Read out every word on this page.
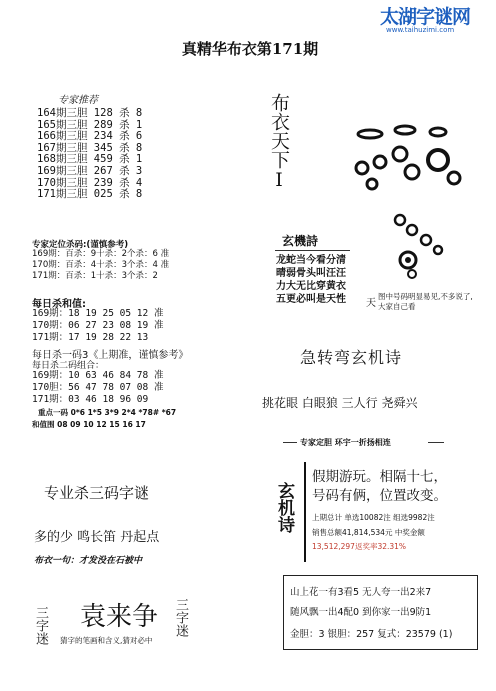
太湖字谜网
www.taihuzimi.com
真精华布衣第171期
专家推荐
164期三胆 128 杀 8
165期三胆 289 杀 1
166期三胆 234 杀 6
167期三胆 345 杀 8
168期三胆 459 杀 1
169期三胆 267 杀 3
170期三胆 239 杀 4
171期三胆 025 杀 8
专家定位杀码:(谨慎参考)
169期：百杀：9十杀：2个杀：6 准
170期：百杀：4十杀：3个杀：4 准
171期：百杀：1十杀：3个杀：2
每日杀和值:
169期：18 19 25 05 12 准
170期：06 27 23 08 19 准
171期：17 19 28 22 13
每日杀一码3《上期准，谨慎参考》
每日杀二码组合：
169期：10 63 46 84 78 准
170胆：56 47 78 07 08 准
171期：03 46 18 96 09
重点一码 0*6 1*5 3*9 2*4 *78# *67
和值围 08 09 10 12 15 16 17
专业杀三码字谜
多的少 鸣长笛 丹起点
布衣一句：才发没在石被中
三字迷 袁来争
猜字的笔画和含义,猜对必中
三字迷
布衣天下I
玄機詩
龙蛇当今看分清
晴弱骨头叫汪汪
力大无比穿黄衣
五更必叫是天性 天
图中号码明显易见,不多说了,大家自己看
急转弯玄机诗
挑花眼 白眼狼 三人行 尧舜兴
专家定胆 环宇一折扬相连
玄机诗
假期游玩。相隔十七，
号码有俩，位置改变。
上期总计 单选10082注 组选9982注
销售总额41,814,534元 中奖金额
13,512,297返奖率32.31%
山上花一有3看5 无人夸一出2来7
随风飘一出4配0 到你家一出9防1
金胆：3 银胆：257 复式：23579 (1)
